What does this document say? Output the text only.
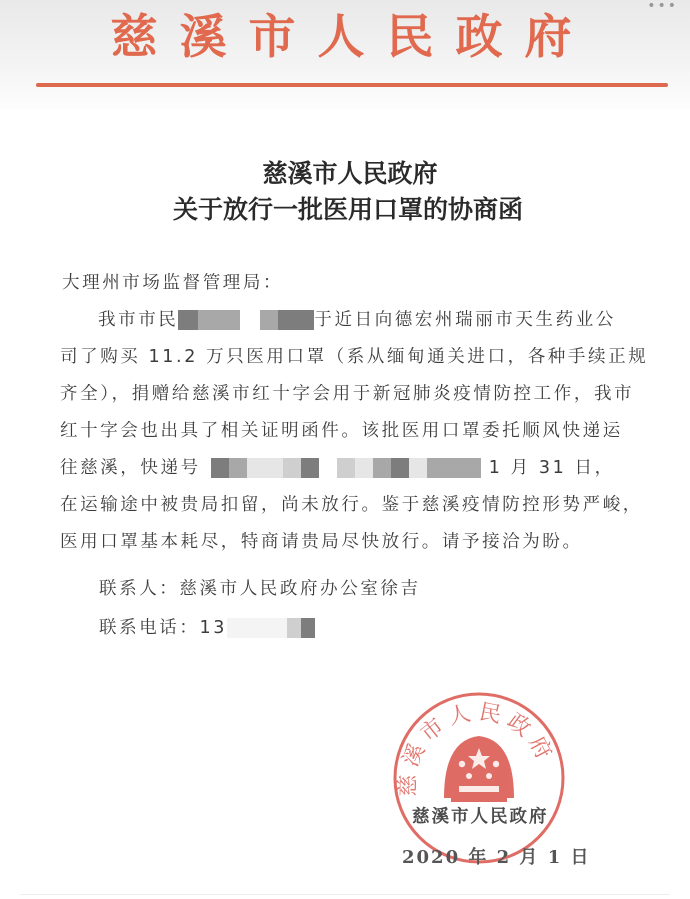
•••
慈溪市人民政府
慈溪市人民政府
关于放行一批医用口罩的协商函
大理州市场监督管理局：
我市市民	于近日向德宏州瑞丽市天生药业公
司了购买 11.2 万只医用口罩（系从缅甸通关进口，各种手续正规
齐全），捐赠给慈溪市红十字会用于新冠肺炎疫情防控工作，我市
红十字会也出具了相关证明函件。该批医用口罩委托顺风快递运
往慈溪，快递号	1 月 31 日，
在运输途中被贵局扣留，尚未放行。鉴于慈溪疫情防控形势严峻，
医用口罩基本耗尽，特商请贵局尽快放行。请予接洽为盼。
联系人：慈溪市人民政府办公室徐吉
联系电话：13
慈溪市人民政府
慈溪市人民政府
2020 年 2 月 1 日
